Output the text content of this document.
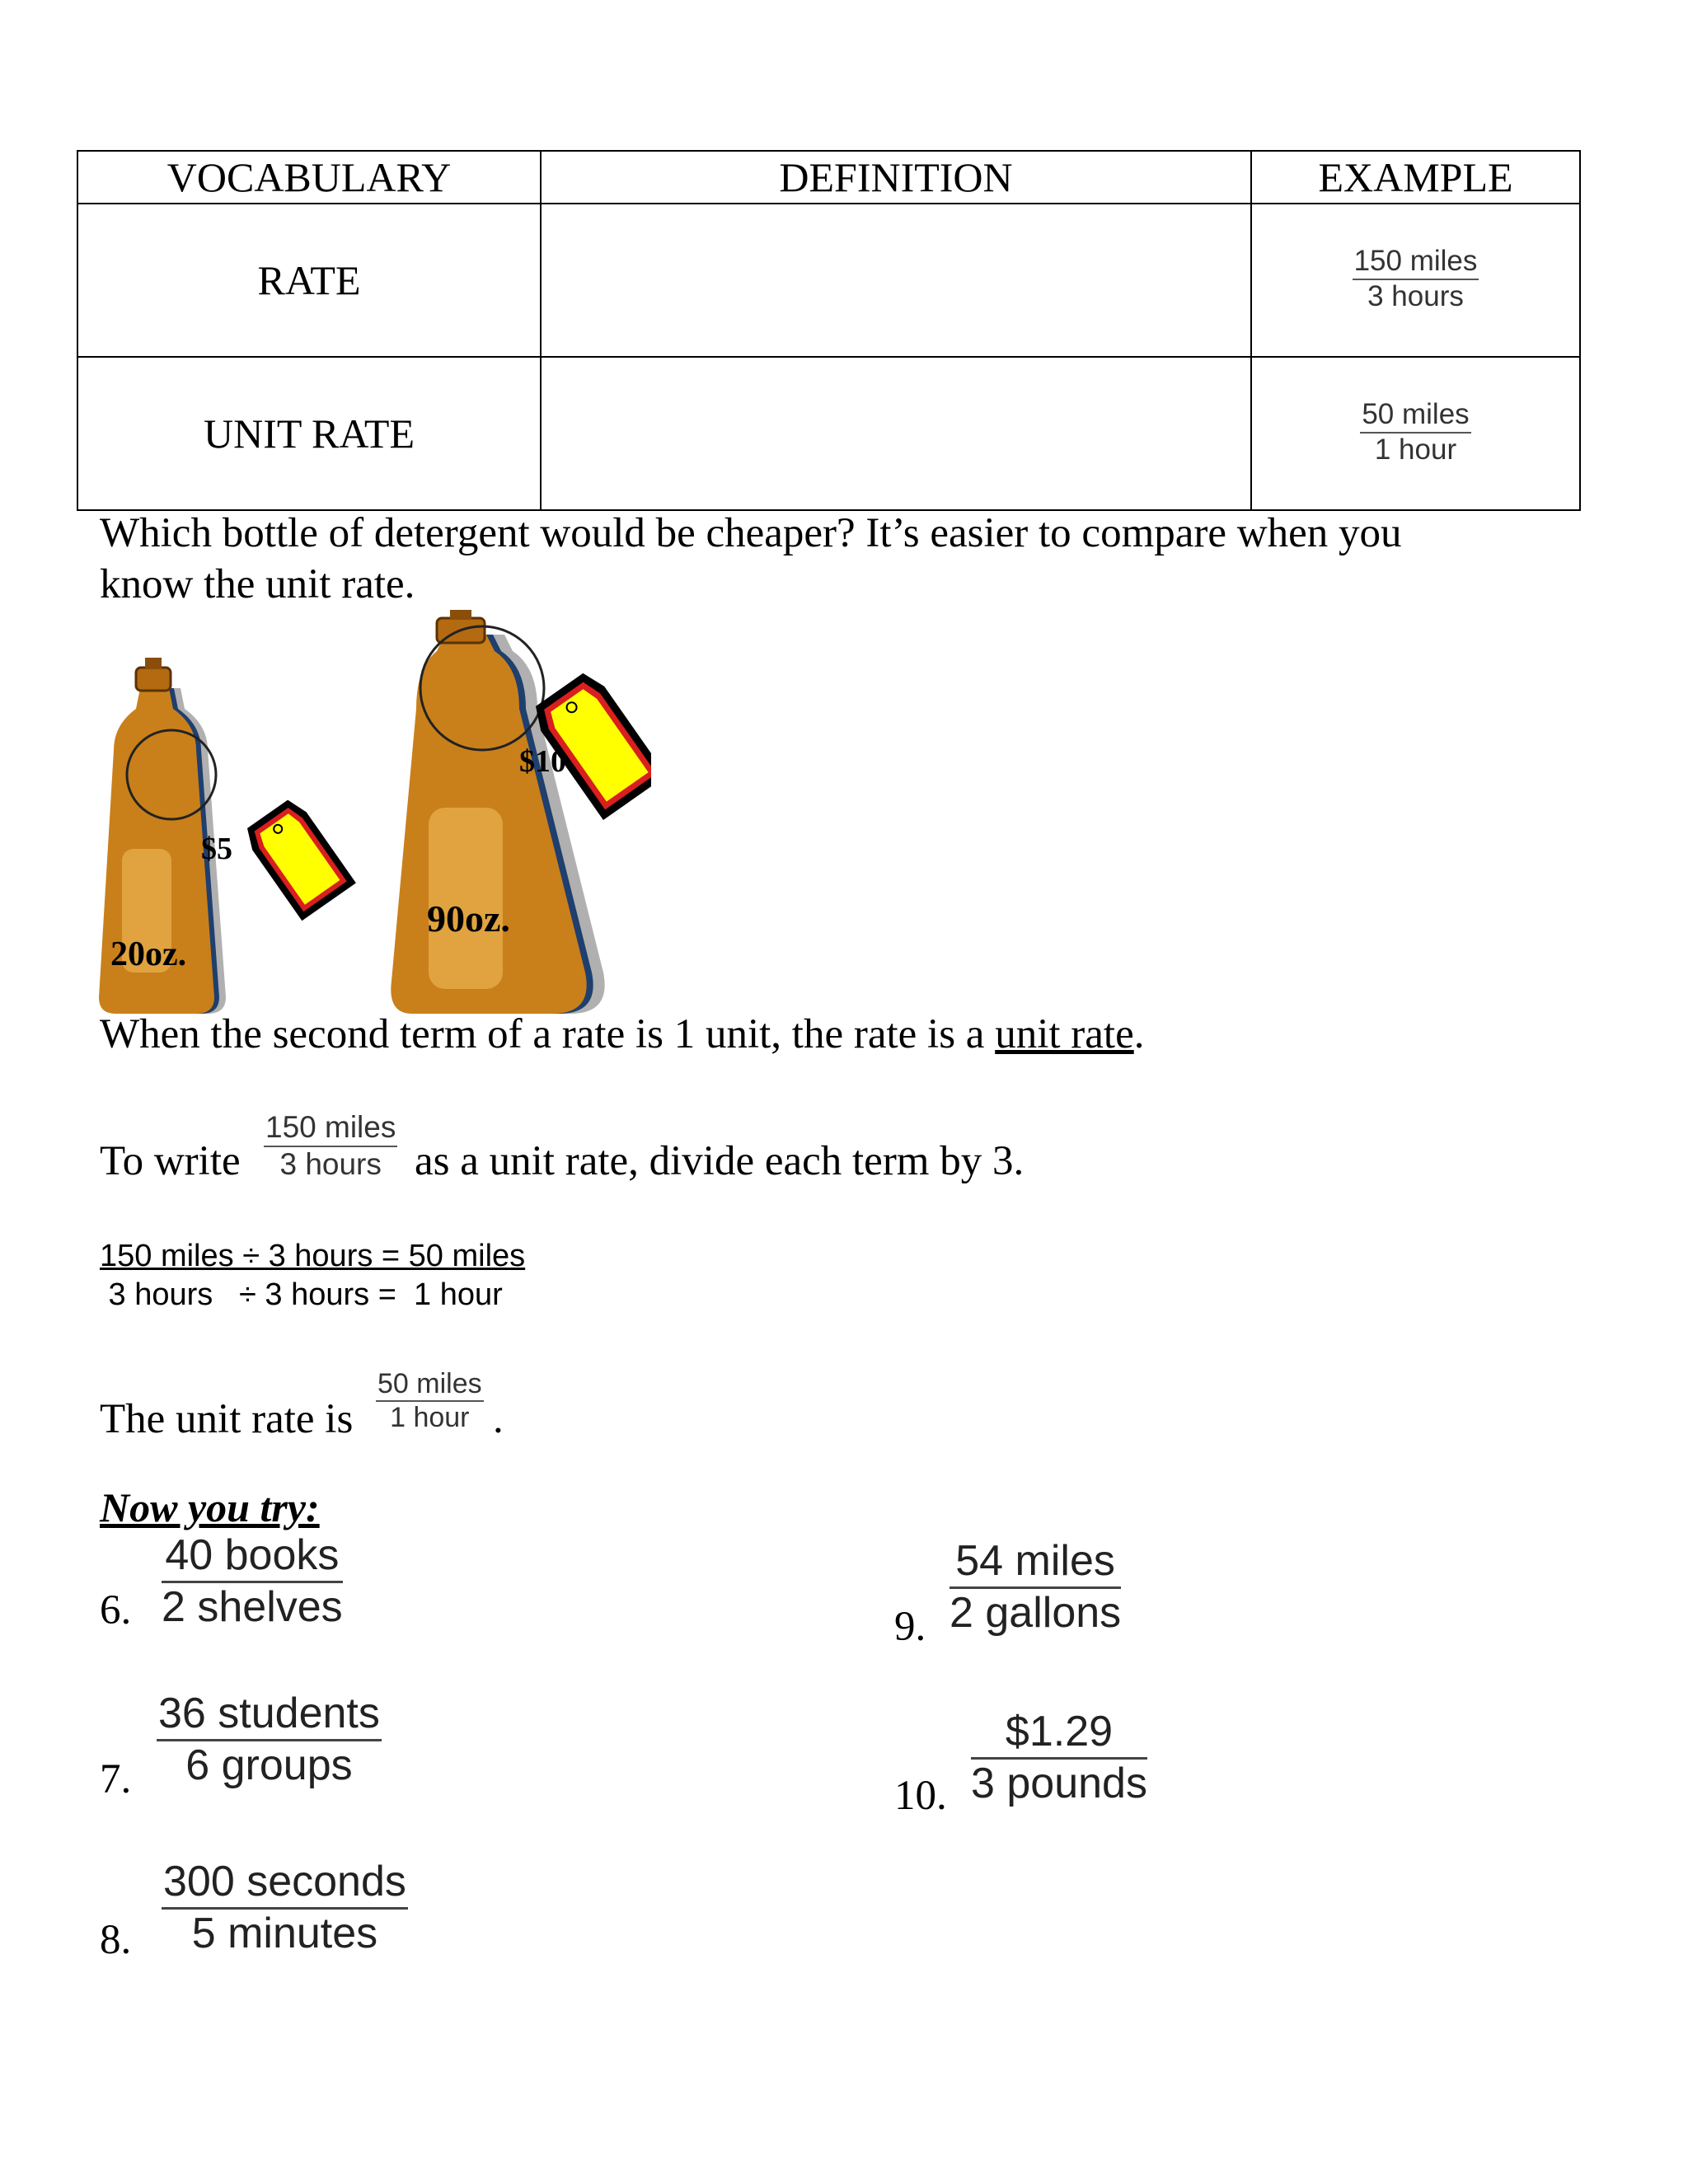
VOCABULARY	DEFINITION	EXAMPLE
RATE		$\frac{\text{150 miles}}{\text{3 hours}}$

UNIT RATE		$\frac{\text{50 miles}}{\text{1 hour}}$
Which bottle of detergent would be cheaper? It’s easier to compare when you
know the unit rate.
$5
$10
20oz.
90oz.
When the second term of a rate is 1 unit, the rate is a unit rate.
To write
150 miles
3 hours as a unit rate, divide each term by 3.
150 miles ÷ 3 hours = 50 miles
3 hours   ÷ 3 hours =  1 hour
The unit rate is
50 miles
1 hour .
Now you try:
6.
40 books
2 shelves
7.
36 students
6 groups
8.
300 seconds
5 minutes
9.
54 miles
2 gallons
10.
$1.29
3 pounds
